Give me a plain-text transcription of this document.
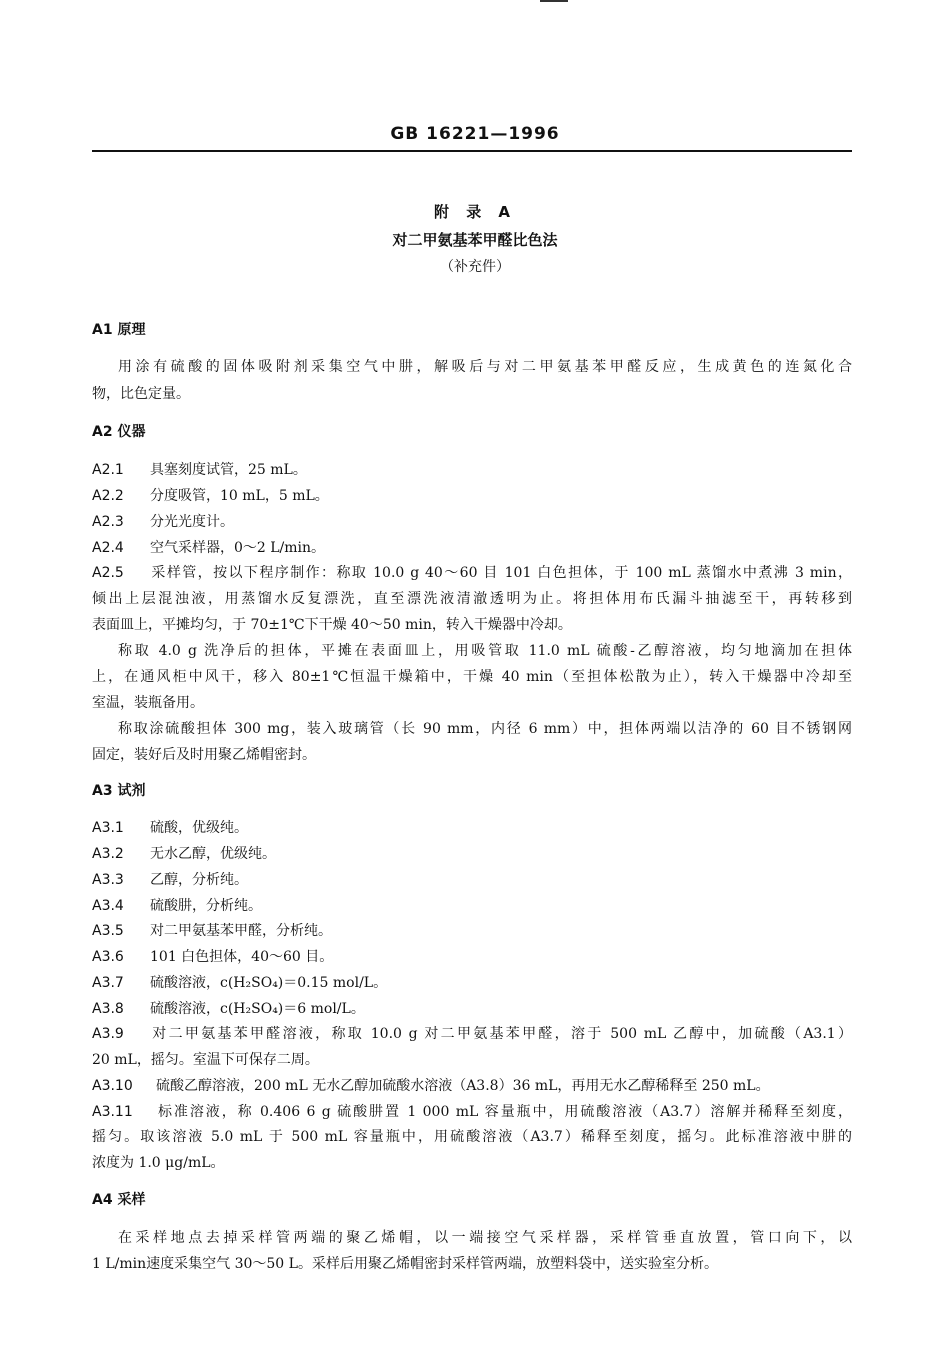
GB 16221—1996
附 录 A
对二甲氨基苯甲醛比色法
（补充件）
A1 原理
用涂有硫酸的固体吸附剂采集空气中肼，解吸后与对二甲氨基苯甲醛反应，生成黄色的连氮化合
物，比色定量。
A2 仪器
A2.1 具塞刻度试管，25 mL。
A2.2 分度吸管，10 mL，5 mL。
A2.3 分光光度计。
A2.4 空气采样器，0～2 L/min。
A2.5 采样管，按以下程序制作：称取 10.0 g 40～60 目 101 白色担体，于 100 mL 蒸馏水中煮沸 3 min，
倾出上层混浊液，用蒸馏水反复漂洗，直至漂洗液清澈透明为止。将担体用布氏漏斗抽滤至干，再转移到
表面皿上，平摊均匀，于 70±1℃下干燥 40～50 min，转入干燥器中冷却。
称取 4.0 g 洗净后的担体，平摊在表面皿上，用吸管取 11.0 mL 硫酸-乙醇溶液，均匀地滴加在担体
上，在通风柜中风干，移入 80±1℃恒温干燥箱中，干燥 40 min（至担体松散为止），转入干燥器中冷却至
室温，装瓶备用。
称取涂硫酸担体 300 mg，装入玻璃管（长 90 mm，内径 6 mm）中，担体两端以洁净的 60 目不锈钢网
固定，装好后及时用聚乙烯帽密封。
A3 试剂
A3.1 硫酸，优级纯。
A3.2 无水乙醇，优级纯。
A3.3 乙醇，分析纯。
A3.4 硫酸肼，分析纯。
A3.5 对二甲氨基苯甲醛，分析纯。
A3.6 101 白色担体，40～60 目。
A3.7 硫酸溶液，c(H₂SO₄)＝0.15 mol/L。
A3.8 硫酸溶液，c(H₂SO₄)＝6 mol/L。
A3.9 对二甲氨基苯甲醛溶液，称取 10.0 g 对二甲氨基苯甲醛，溶于 500 mL 乙醇中，加硫酸（A3.1）
20 mL，摇匀。室温下可保存二周。
A3.10 硫酸乙醇溶液，200 mL 无水乙醇加硫酸水溶液（A3.8）36 mL，再用无水乙醇稀释至 250 mL。
A3.11 标准溶液，称 0.406 6 g 硫酸肼置 1 000 mL 容量瓶中，用硫酸溶液（A3.7）溶解并稀释至刻度，
摇匀。取该溶液 5.0 mL 于 500 mL 容量瓶中，用硫酸溶液（A3.7）稀释至刻度，摇匀。此标准溶液中肼的
浓度为 1.0 μg/mL。
A4 采样
在采样地点去掉采样管两端的聚乙烯帽，以一端接空气采样器，采样管垂直放置，管口向下，以
1 L/min速度采集空气 30～50 L。采样后用聚乙烯帽密封采样管两端，放塑料袋中，送实验室分析。
